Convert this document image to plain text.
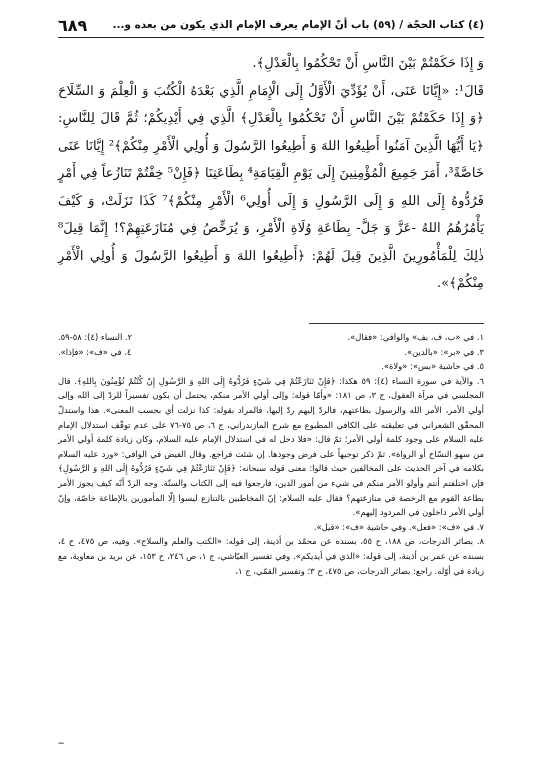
(٤) كتاب الحجّة / (٥٩) باب أنّ الإمام يعرف الإمام الذي يكون من بعده و...
٦٨٩

وَ إِذَا حَكَمْتُمْ بَيْنَ النَّاسِ أَنْ تَحْكُمُوا بِالْعَدْلِ﴾.

قَالَ¹: «إِيَّانَا عَنَى، أَنْ يُؤَدِّيَ الْأَوَّلُ إِلَى الْإِمَامِ الَّذِي بَعْدَهُ الْكُتُبَ وَ الْعِلْمَ وَ السِّلَاحَ ﴿وَ إِذَا حَكَمْتُمْ بَيْنَ النَّاسِ أَنْ تَحْكُمُوا بِالْعَدْلِ﴾ الَّذِي فِي أَيْدِيكُمْ؛ ثُمَّ قَالَ لِلنَّاسِ: ﴿يَا أَيُّهَا الَّذِينَ آمَنُوا أَطِيعُوا اللهَ وَ أَطِيعُوا الرَّسُولَ وَ أُولِي الْأَمْرِ مِنْكُمْ﴾² إِيَّانَا عَنَى خَاصَّةً³، أَمَرَ جَمِيعَ الْمُؤْمِنِينَ إِلَى يَوْمِ الْقِيَامَةِ⁴ بِطَاعَتِنَا ﴿فَإِنْ⁵ خِفْتُمْ تَنَازُعاً فِي أَمْرٍ فَرُدُّوهُ إِلَى اللهِ وَ إِلَى الرَّسُولِ وَ إِلَى أُولِي⁶ الْأَمْرِ مِنْكُمْ﴾⁷ كَذَا نَزَلَتْ، وَ كَيْفَ يَأْمُرُهُمُ اللهُ -عَزَّ وَ جَلَّ- بِطَاعَةِ وُلَاةِ الْأَمْرِ، وَ يُرَخِّصُ فِي مُنَازَعَتِهِمْ؟! إِنَّمَا قِيلَ⁸ ذٰلِكَ لِلْمَأْمُورِينَ الَّذِينَ قِيلَ لَهُمْ: ﴿أَطِيعُوا اللهَ وَ أَطِيعُوا الرَّسُولَ وَ أُولِي الْأَمْرِ مِنْكُمْ﴾».

١. في «ب، ف، بف» والوافي: «فقال».
٢. النساء (٤): ٥٨-٥٩.
٣. في «بر»: «بالدين».
٤. في «ف»: «فإذا».

٥. في حاشية «بس»: «ولاة».

٦. والآية في سورة النساء (٤): ٥٩ هكذا: ﴿فَإِنْ تَنَازَعْتُمْ فِي شَيْءٍ فَرُدُّوهُ إِلَى اللهِ وَ الرَّسُولِ إِنْ كُنْتُمْ تُؤْمِنُونَ بِاللهِ﴾. قال المجلسي في مرآة العقول، ج ٣، ص ١٨١: «وأمّا قوله: وإلى أولي الأمر منكم، يحتمل أن يكون تفسيراً للردّ إلى الله وإلى أولي الأمر، الأمر الله والرسول بطاعتهم، فالردّ إليهم ردّ إليها، فالمراد بقوله: كذا نزلت أي بحسب المعنى». هذا واستدلّ المحقّق الشعراني في تعليقته على الكافي المطبوع مع شرح المازندراني، ج ٦، ص ٧٥-٧٦ على عدم توقّف استدلال الإمام عليه السلام على وجود كلمة أولي الأمر؛ ثمّ قال: «فلا دخل له في استدلال الإمام عليه السلام، وكان زيادة كلمة أولي الأمر من سهو النسّاخ أو الرواة». ثمّ ذكر توجيهاً على فرض وجودها. إن شئت فراجع. وقال الفيض في الوافي: «ورد عليه السلام بكلامه في آخر الحديث على المخالفين حيث قالوا: معنى قوله سبحانه: ﴿فَإِنْ تَنَازَعْتُمْ فِي شَيْءٍ فَرُدُّوهُ إِلَى اللهِ وَ الرَّسُولِ﴾ فإن اختلفتم أنتم وأولو الأمر منكم في شيء من أمور الدين، فارجعوا فيه إلى الكتاب والسنّة. وجه الردّ أنّه كيف يجوز الأمر بطاعة القوم مع الرخصة في منازعتهم؟ فقال عليه السلام: إنّ المخاطبين بالتنازع ليسوا إلّا المأمورين بالإطاعة خاصّة، وإنّ أولي الأمر داخلون في المردود إليهم».

٧. في «ف»: «فعل». وفي حاشية «ف»: «قيل».

٨. بصائر الدرجات، ص ١٨٨، ح ٥٥، بسنده عن محمّد بن أذينة، إلى قوله: «الكتب والعلم والسلاح». وفيه، ص ٤٧٥، ح ٤، بسنده عن عمر بن أذينة، إلى قوله: «الذي في أيديكم». وفي تفسير العيّاشي، ج ١، ص ٢٤٦، ح ١٥٣، عن بريد بن معاوية، مع زيادة في أوّله. راجع: بصائر الدرجات، ص ٤٧٥، ح ٣؛ وتفسير القمّي، ج ١،

--
